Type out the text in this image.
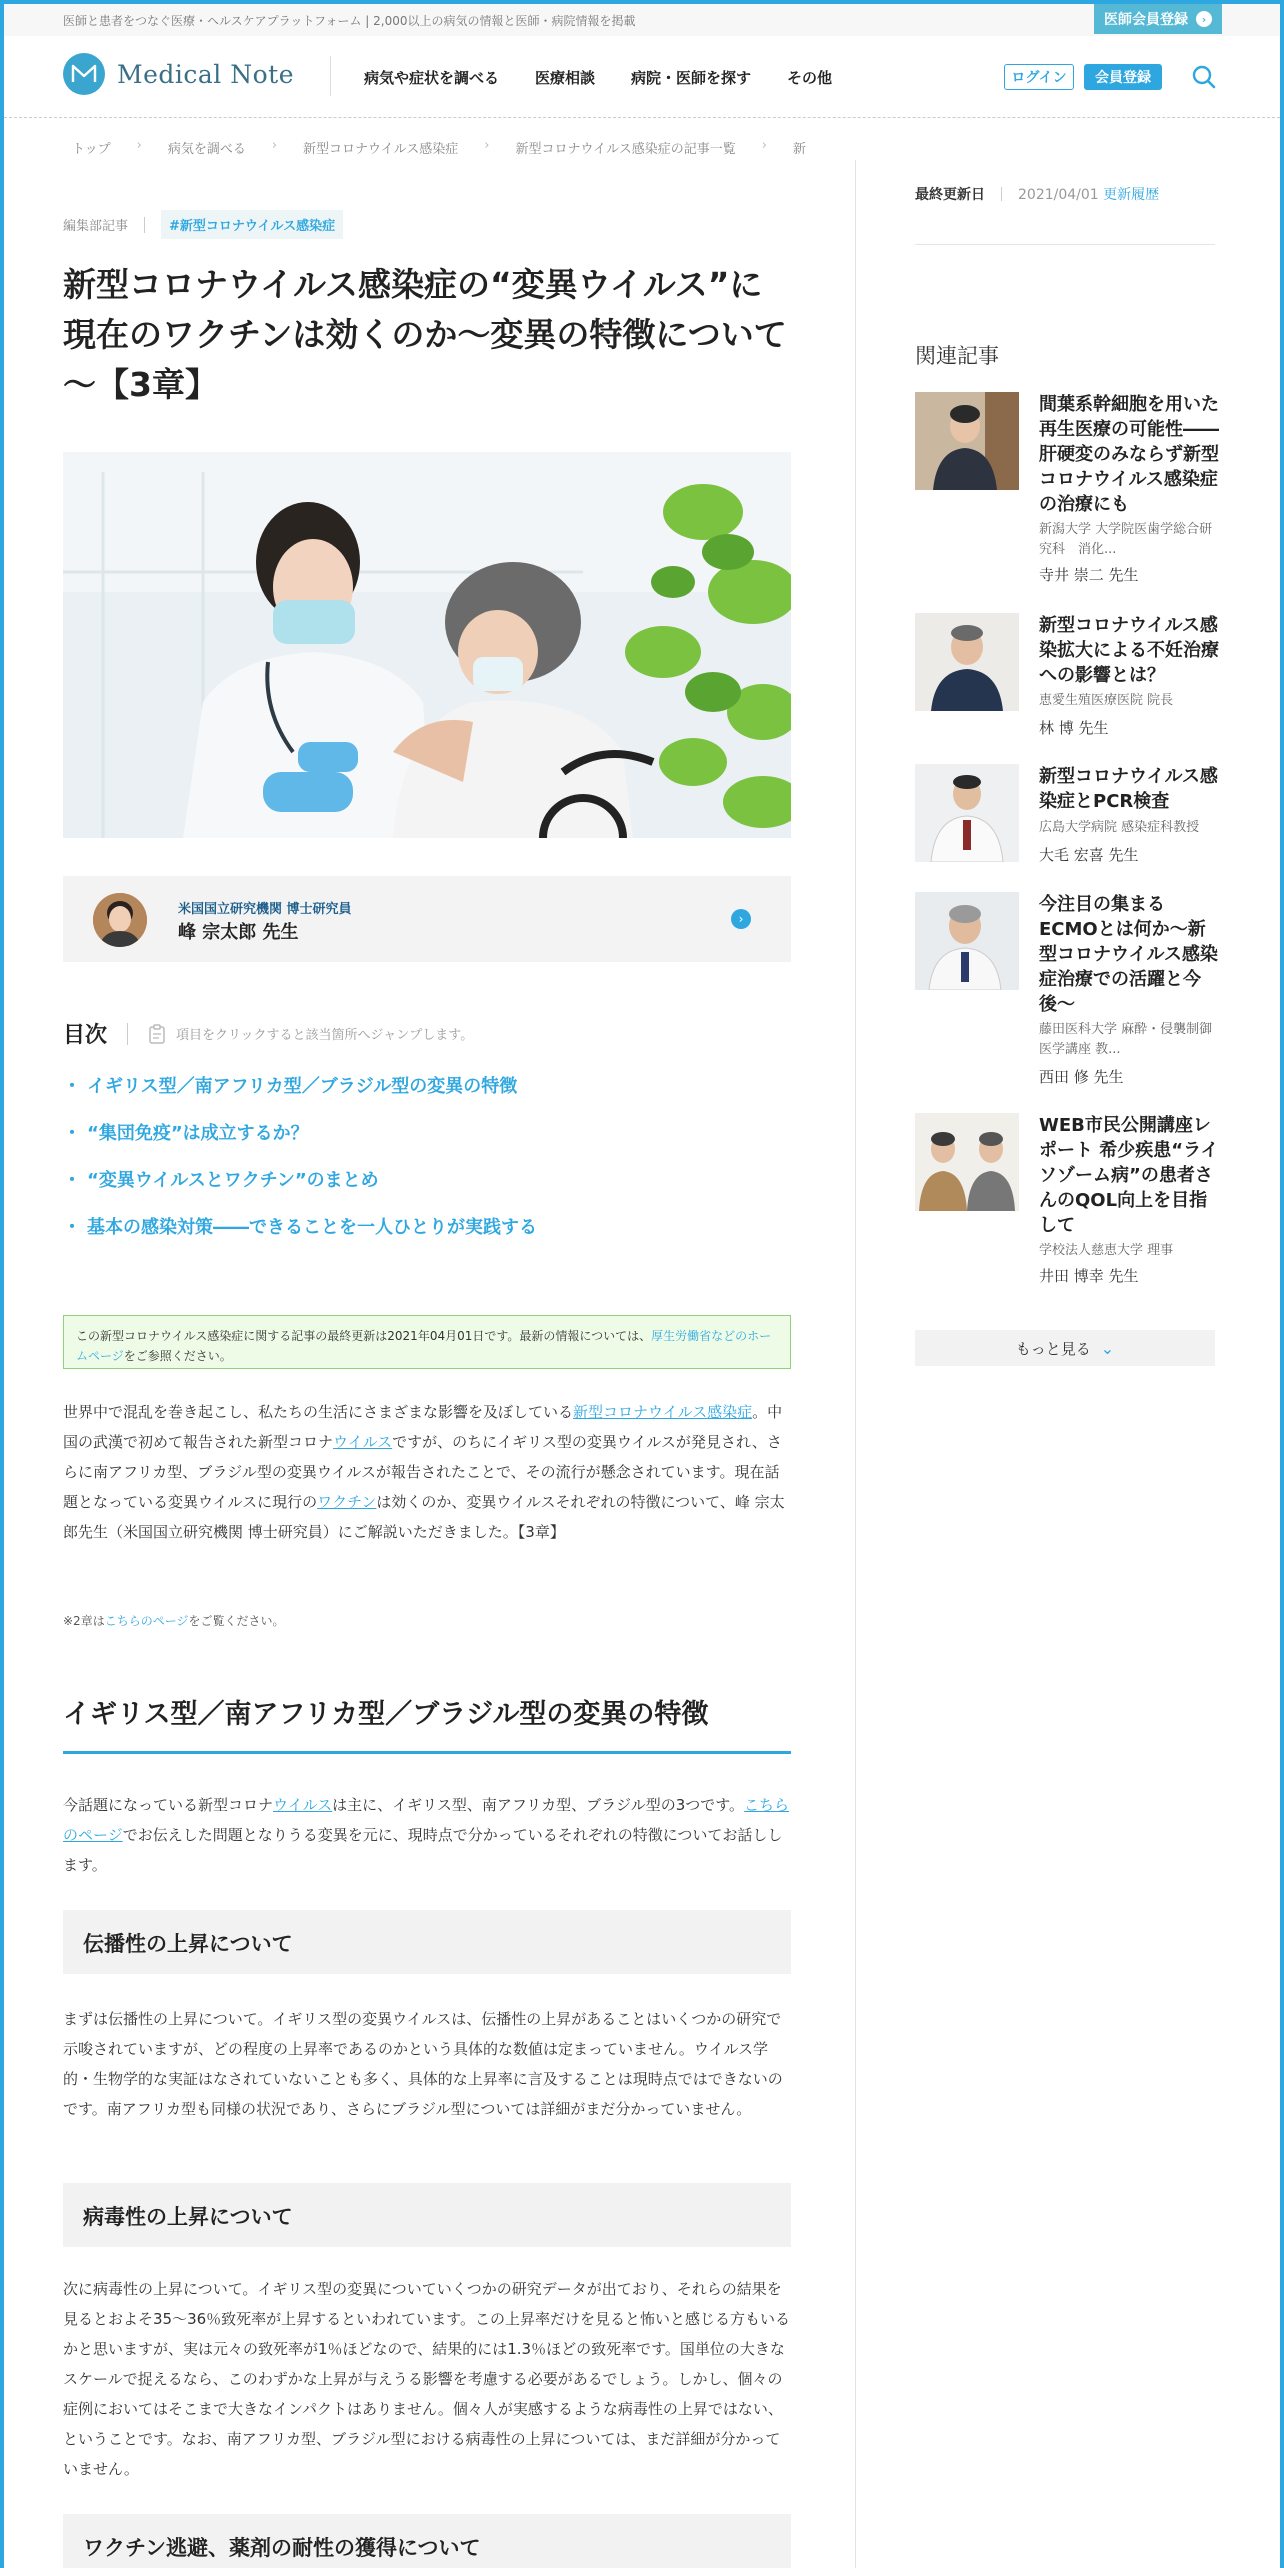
医師と患者をつなぐ医療・ヘルスケアプラットフォーム | 2,000以上の病気の情報と医師・病院情報を掲載	医師会員登録	›
Medical Note	病気や症状を調べる 医療相談 病院・医師を探す その他	ログイン	会員登録
トップ › 病気を調べる › 新型コロナウイルス感染症 › 新型コロナウイルス感染症の記事一覧 › 新
編集部記事	#新型コロナウイルス感染症
新型コロナウイルス感染症の“変異ウイルス”に現在のワクチンは効くのか～変異の特徴について～【3章】
米国国立研究機関 博士研究員
峰 宗太郎 先生
›
目次	項目をクリックすると該当箇所へジャンプします。
・ イギリス型／南アフリカ型／ブラジル型の変異の特徴
・ “集団免疫”は成立するか？
・ “変異ウイルスとワクチン”のまとめ
・ 基本の感染対策――できることを一人ひとりが実践する
この新型コロナウイルス感染症に関する記事の最終更新は2021年04月01日です。最新の情報については、厚生労働省などのホームページをご参照ください。
世界中で混乱を巻き起こし、私たちの生活にさまざまな影響を及ぼしている新型コロナウイルス感染症。中国の武漢で初めて報告された新型コロナウイルスですが、のちにイギリス型の変異ウイルスが発見され、さらに南アフリカ型、ブラジル型の変異ウイルスが報告されたことで、その流行が懸念されています。現在話題となっている変異ウイルスに現行のワクチンは効くのか、変異ウイルスそれぞれの特徴について、峰 宗太郎先生（米国国立研究機関 博士研究員）にご解説いただきました。【3章】
※2章はこちらのページをご覧ください。
イギリス型／南アフリカ型／ブラジル型の変異の特徴
今話題になっている新型コロナウイルスは主に、イギリス型、南アフリカ型、ブラジル型の3つです。こちらのページでお伝えした問題となりうる変異を元に、現時点で分かっているそれぞれの特徴についてお話しします。
伝播性の上昇について
まずは伝播性の上昇について。イギリス型の変異ウイルスは、伝播性の上昇があることはいくつかの研究で示唆されていますが、どの程度の上昇率であるのかという具体的な数値は定まっていません。ウイルス学的・生物学的な実証はなされていないことも多く、具体的な上昇率に言及することは現時点ではできないのです。南アフリカ型も同様の状況であり、さらにブラジル型については詳細がまだ分かっていません。
病毒性の上昇について
次に病毒性の上昇について。イギリス型の変異についていくつかの研究データが出ており、それらの結果を見るとおよそ35～36％致死率が上昇するといわれています。この上昇率だけを見ると怖いと感じる方もいるかと思いますが、実は元々の致死率が1％ほどなので、結果的には1.3％ほどの致死率です。国単位の大きなスケールで捉えるなら、このわずかな上昇が与えうる影響を考慮する必要があるでしょう。しかし、個々の症例においてはそこまで大きなインパクトはありません。個々人が実感するような病毒性の上昇ではない、ということです。なお、南アフリカ型、ブラジル型における病毒性の上昇については、まだ詳細が分かっていません。
ワクチン逃避、薬剤の耐性の獲得について
最終更新日 2021/04/01 更新履歴
関連記事
間葉系幹細胞を用いた再生医療の可能性――肝硬変のみならず新型コロナウイルス感染症の治療にも
新潟大学 大学院医歯学総合研究科　消化...
寺井 崇二 先生
新型コロナウイルス感染拡大による不妊治療への影響とは？
恵愛生殖医療医院 院長
林 博 先生
新型コロナウイルス感染症とPCR検査
広島大学病院 感染症科教授
大毛 宏喜 先生
今注目の集まるECMOとは何か〜新型コロナウイルス感染症治療での活躍と今後〜
藤田医科大学 麻酔・侵襲制御医学講座 教...
西田 修 先生
WEB市民公開講座レポート 希少疾患“ライソゾーム病”の患者さんのQOL向上を目指して
学校法人慈恵大学 理事
井田 博幸 先生
もっと見る ⌄
